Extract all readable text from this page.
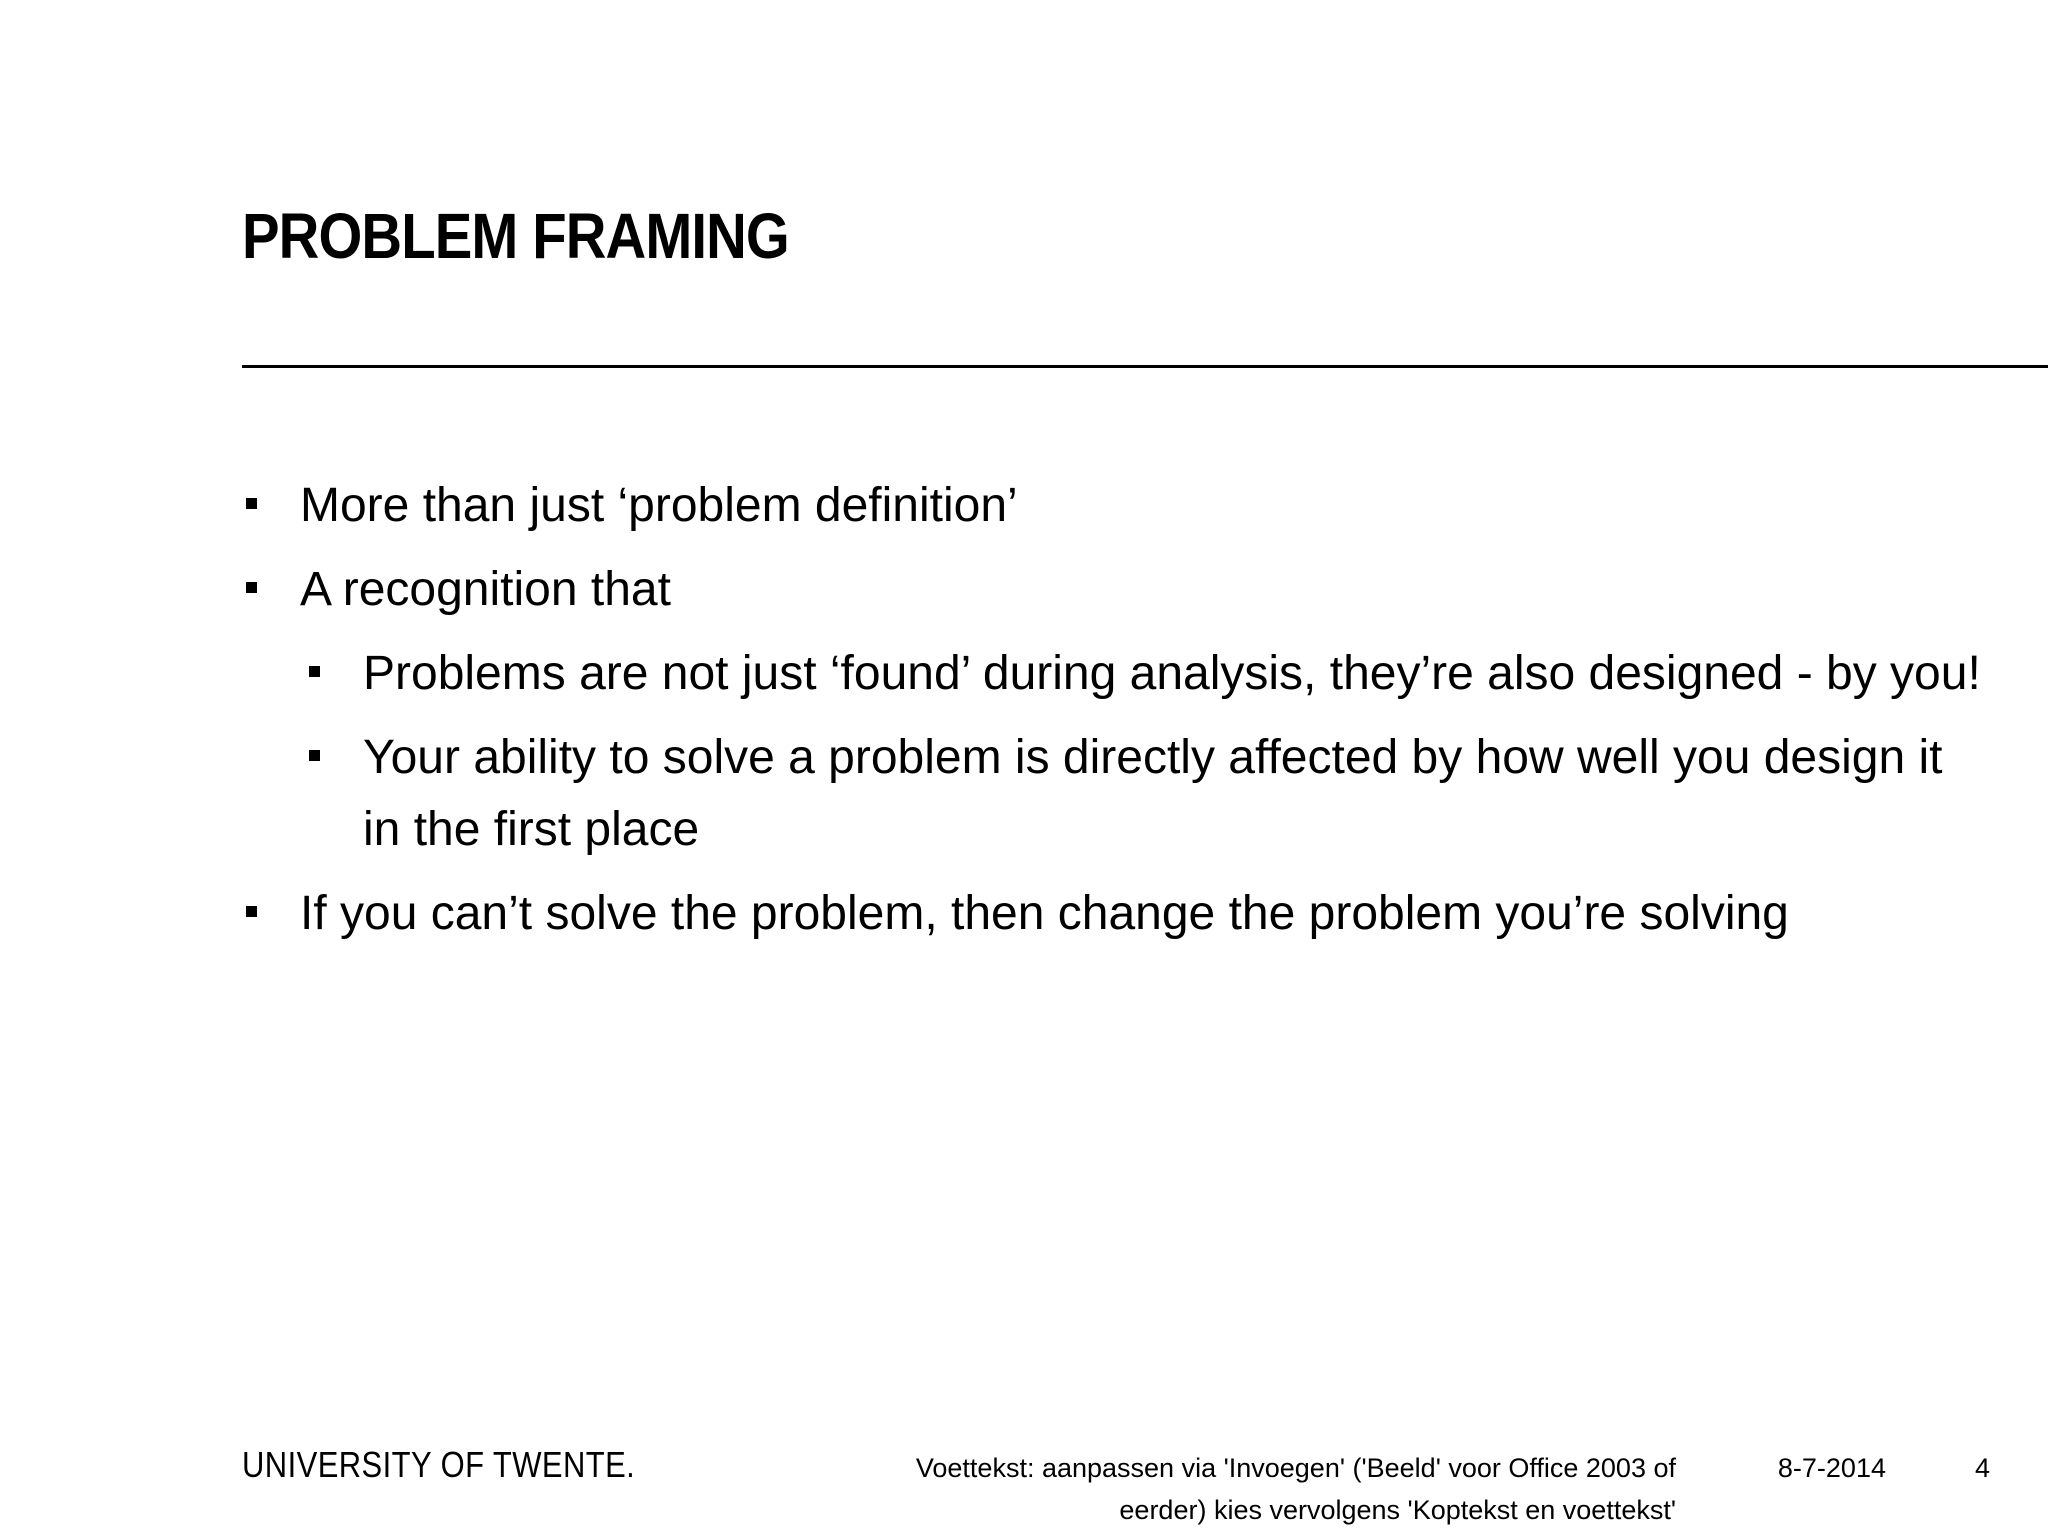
PROBLEM FRAMING
More than just ‘problem definition’
A recognition that
Problems are not just ‘found’ during analysis, they’re also designed - by you!
Your ability to solve a problem is directly affected by how well you design it in the first place
If you can’t solve the problem, then change the problem you’re solving
UNIVERSITY OF TWENTE.	Voettekst: aanpassen via 'Invoegen' ('Beeld' voor Office 2003 of eerder) kies vervolgens 'Koptekst en voettekst'
8-7-2014	4
